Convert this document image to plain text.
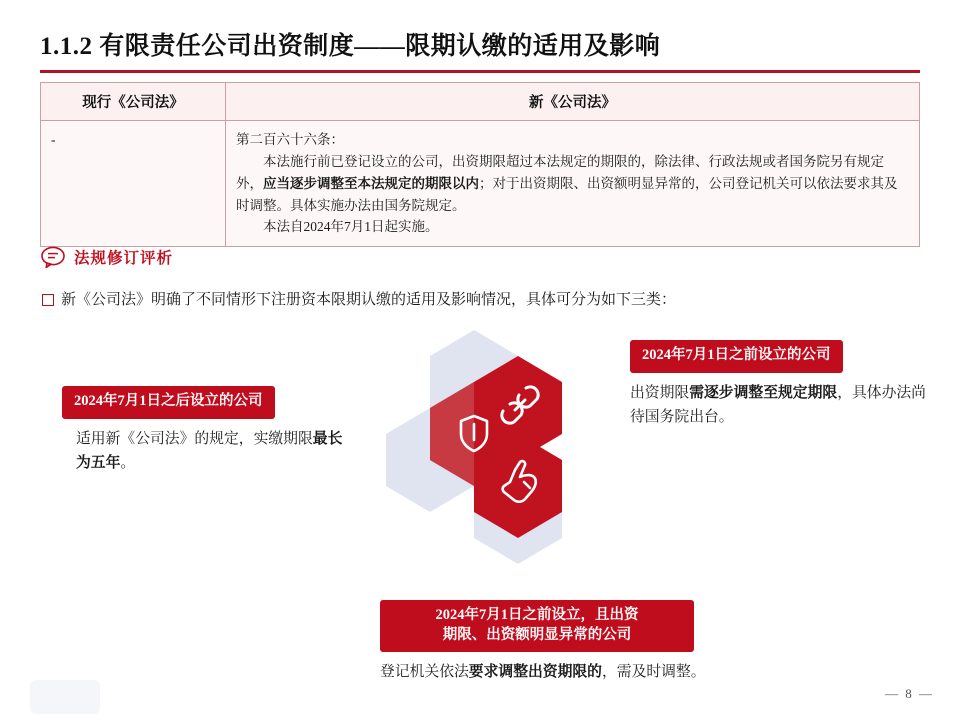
1.1.2 有限责任公司出资制度——限期认缴的适用及影响
现行《公司法》	新《公司法》
-	第二百六十六条：

本法施行前已登记设立的公司，出资期限超过本法规定的期限的，除法律、行政法规或者国务院另有规定外，应当逐步调整至本法规定的期限以内；对于出资期限、出资额明显异常的，公司登记机关可以依法要求其及时调整。具体实施办法由国务院规定。

本法自2024年7月1日起实施。

法规修订评析
新《公司法》明确了不同情形下注册资本限期认缴的适用及影响情况，具体可分为如下三类：
2024年7月1日之后设立的公司
适用新《公司法》的规定，实缴期限最长为五年。
2024年7月1日之前设立的公司
出资期限需逐步调整至规定期限，具体办法尚待国务院出台。
2024年7月1日之前设立，且出资
期限、出资额明显异常的公司
登记机关依法要求调整出资期限的，需及时调整。
— 8 —
